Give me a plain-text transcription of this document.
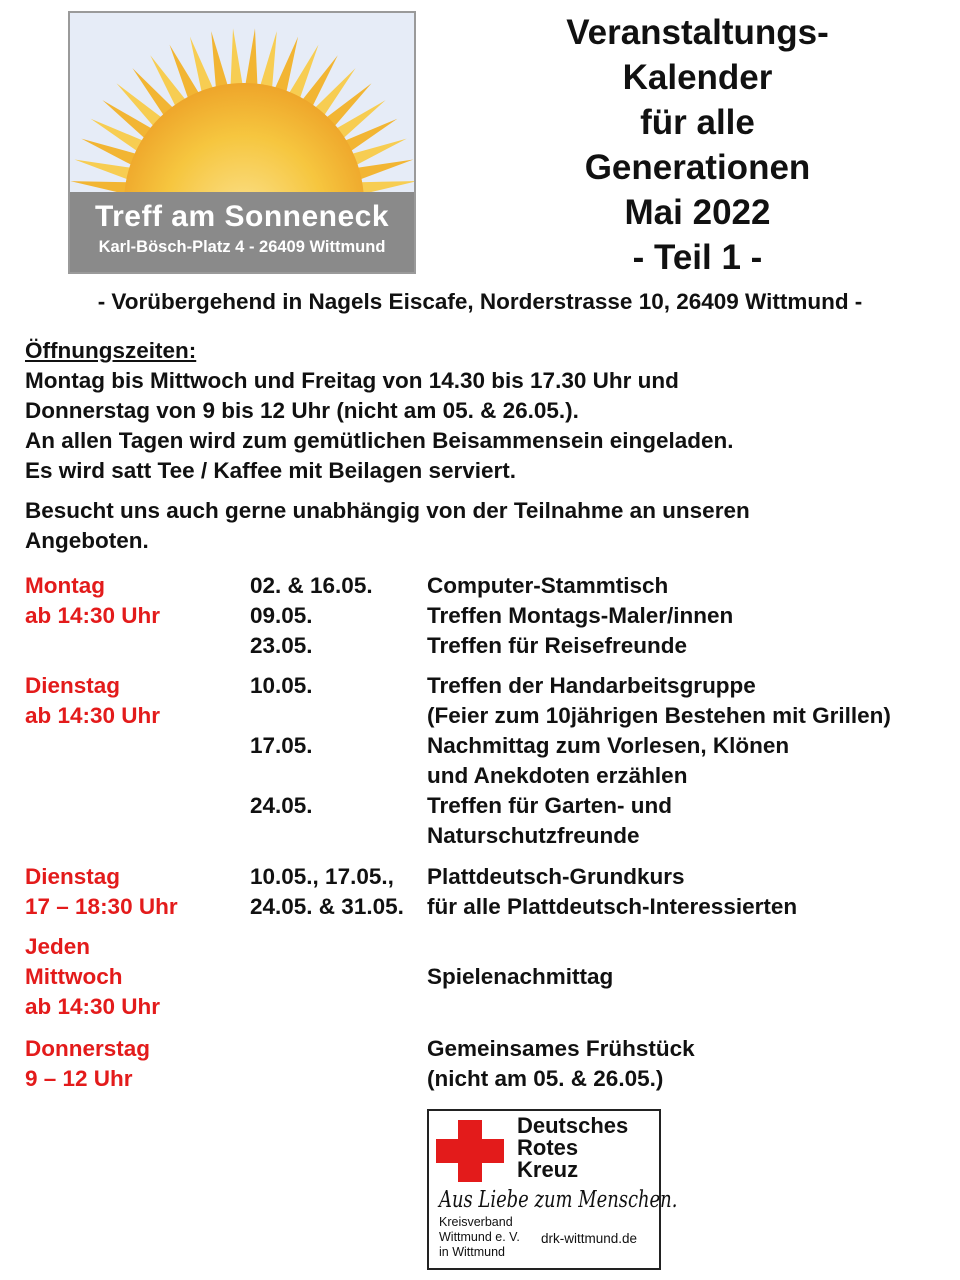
Treff am Sonneneck
Karl-Bösch-Platz 4 - 26409 Wittmund
Veranstaltungs-
Kalender
für alle
Generationen
Mai 2022
- Teil 1 -
- Vorübergehend in Nagels Eiscafe, Norderstrasse 10, 26409 Wittmund -
Öffnungszeiten:
Montag bis Mittwoch und Freitag von 14.30 bis 17.30 Uhr und
Donnerstag von 9 bis 12 Uhr (nicht am 05. & 26.05.).
An allen Tagen wird zum gemütlichen Beisammensein eingeladen.
Es wird satt Tee / Kaffee mit Beilagen serviert.
Besucht uns auch gerne unabhängig von der Teilnahme an unseren
Angeboten.
Montag
ab 14:30 Uhr
02. & 16.05.
09.05.
23.05.
Computer-Stammtisch
Treffen Montags-Maler/innen
Treffen für Reisefreunde
Dienstag
ab 14:30 Uhr
10.05.
17.05.
24.05.
Treffen der Handarbeitsgruppe
(Feier zum 10jährigen Bestehen mit Grillen)
Nachmittag zum Vorlesen, Klönen
und Anekdoten erzählen
Treffen für Garten- und
Naturschutzfreunde
Dienstag
17 – 18:30 Uhr
10.05., 17.05.,
24.05. & 31.05.
Plattdeutsch-Grundkurs
für alle Plattdeutsch-Interessierten
Jeden
Mittwoch
ab 14:30 Uhr
Spielenachmittag
Donnerstag
9 – 12 Uhr
Gemeinsames Frühstück
(nicht am 05. & 26.05.)
Deutsches
Rotes
Kreuz
Aus Liebe zum Menschen.
Kreisverband
Wittmund e. V.
in Wittmund
drk-wittmund.de
